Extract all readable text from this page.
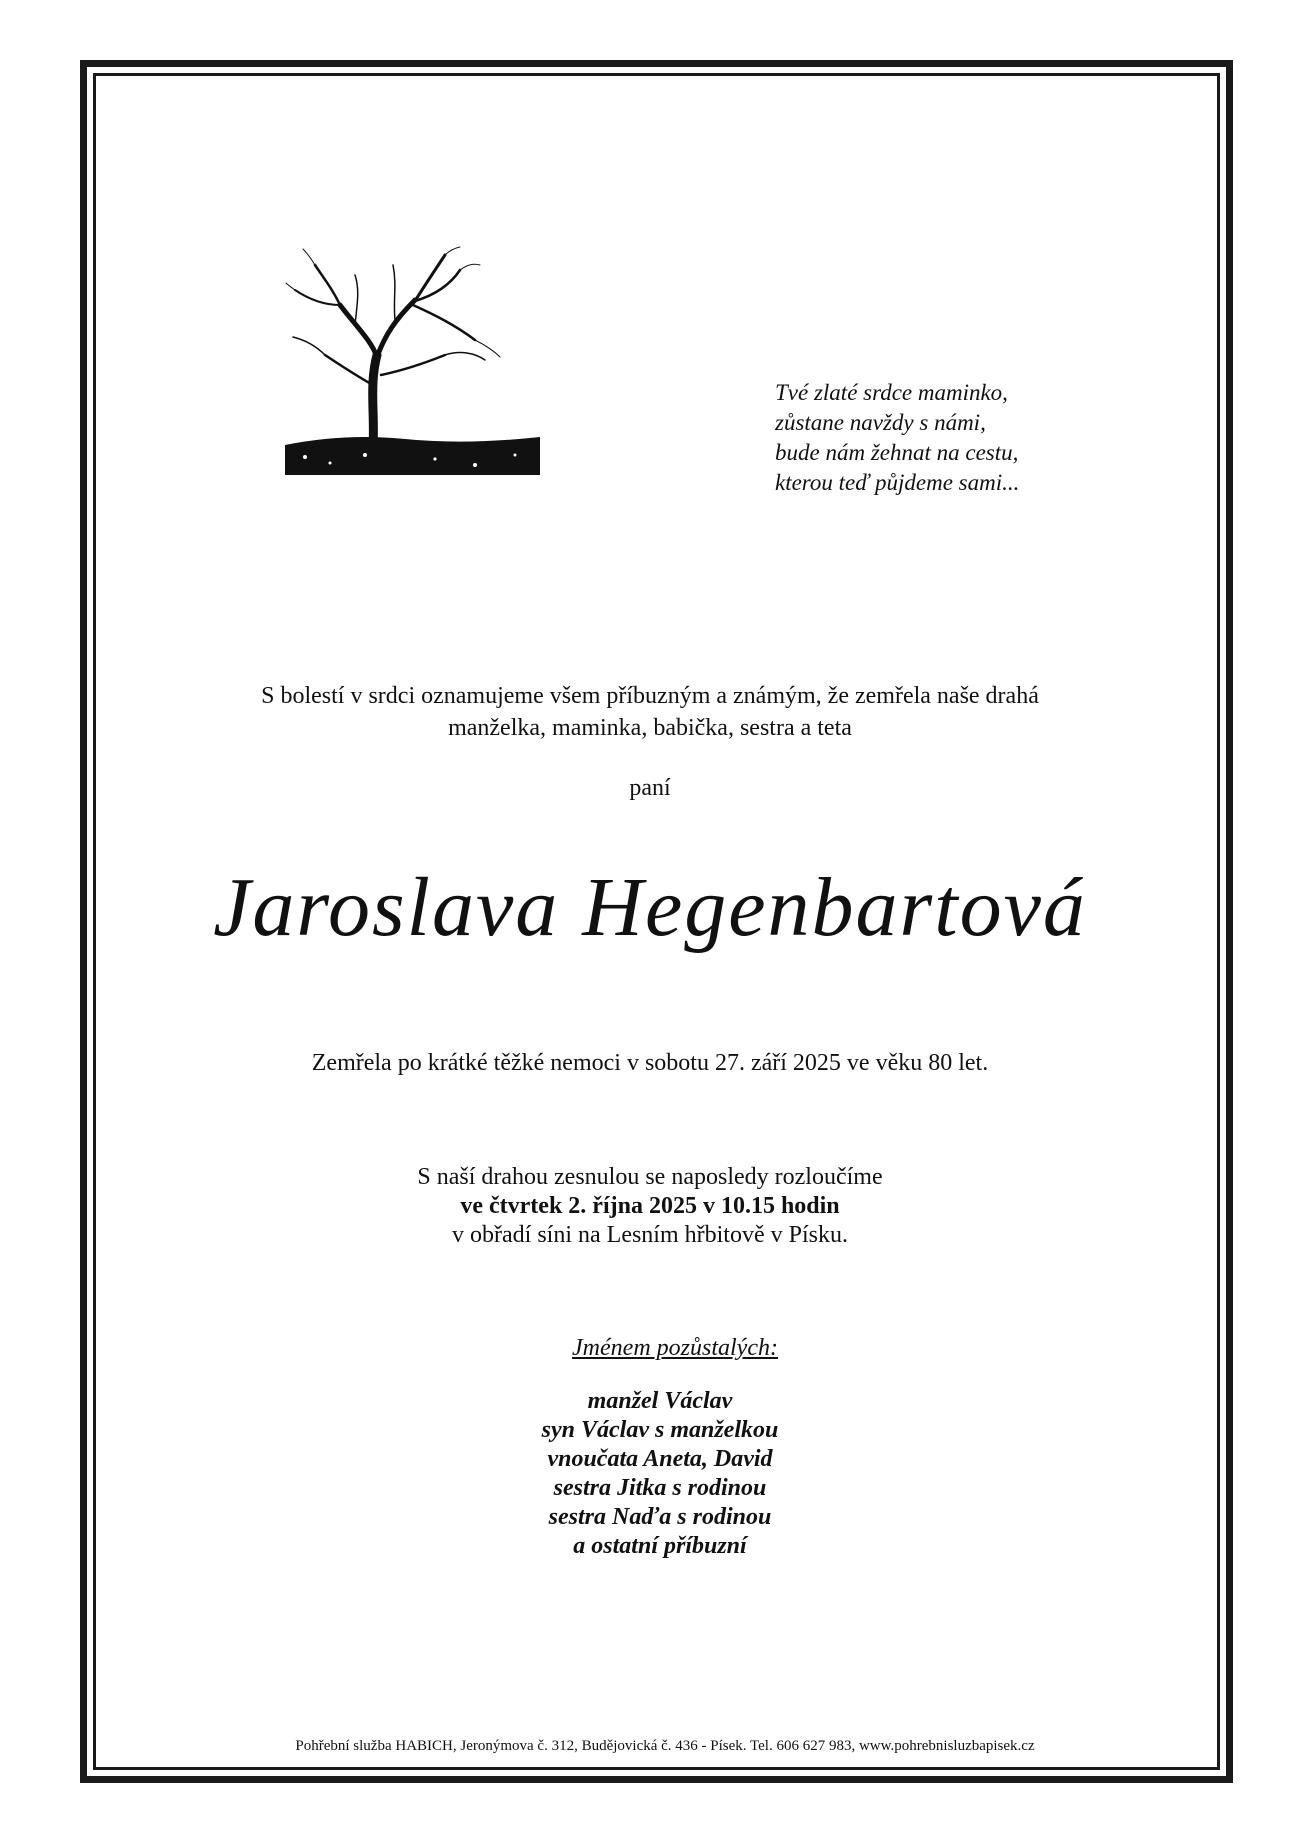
Tvé zlaté srdce maminko,
zůstane navždy s námi,
bude nám žehnat na cestu,
kterou teď půjdeme sami...
S bolestí v srdci oznamujeme všem příbuzným a známým, že zemřela naše drahá
manželka, maminka, babička, sestra a teta
paní
Jaroslava Hegenbartová
Zemřela po krátké těžké nemoci v sobotu 27. září 2025 ve věku 80 let.
S naší drahou zesnulou se naposledy rozloučíme
ve čtvrtek 2. října 2025 v 10.15 hodin
v obřadí síni na Lesním hřbitově v Písku.
Jménem pozůstalých:
manžel Václav
syn Václav s manželkou
vnoučata Aneta, David
sestra Jitka s rodinou
sestra Naďa s rodinou
a ostatní příbuzní
Pohřební služba HABICH, Jeronýmova č. 312, Budějovická č. 436 - Písek. Tel. 606 627 983, www.pohrebnisluzbapisek.cz
